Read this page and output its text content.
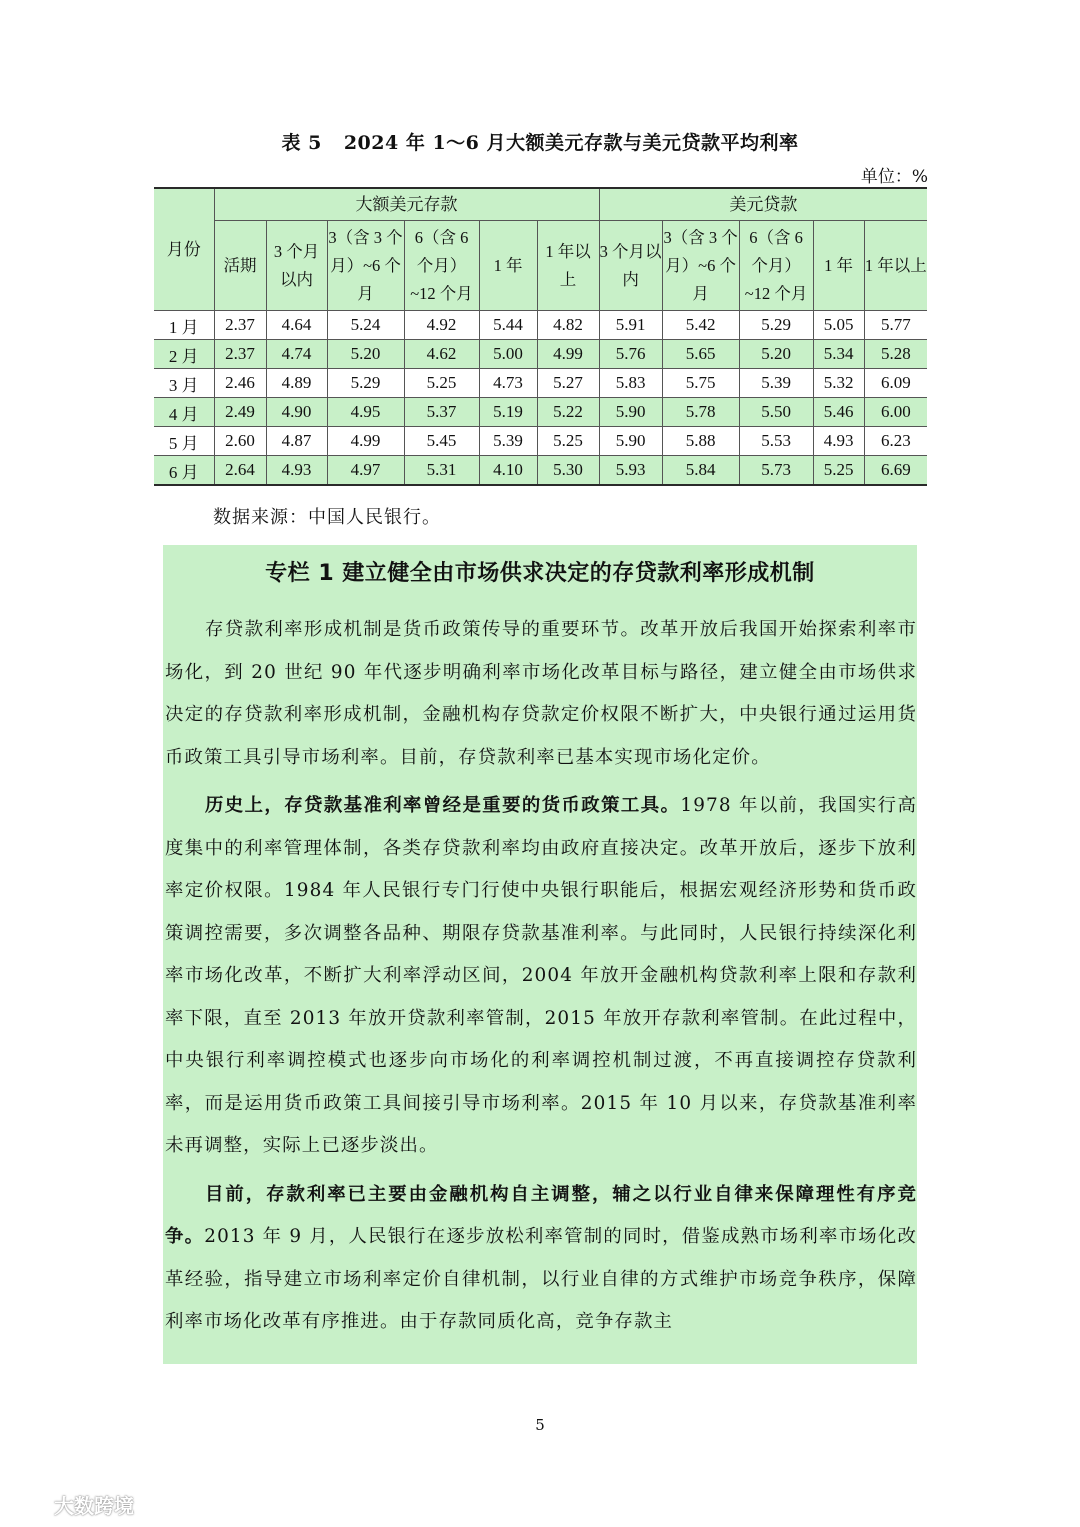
表 5 2024 年 1～6 月大额美元存款与美元贷款平均利率
单位：%
月份	大额美元存款						美元贷款				
	活期	3 个月以内	3（含 3 个月）~6 个月	6（含 6 个月）~12 个月	1 年	1 年以上	3 个月以内	3（含 3 个月）~6 个月	6（含 6 个月）~12 个月	1 年	1 年以上
1 月	2.37	4.64	5.24	4.92	5.44	4.82	5.91	5.42	5.29	5.05	5.77
2 月	2.37	4.74	5.20	4.62	5.00	4.99	5.76	5.65	5.20	5.34	5.28
3 月	2.46	4.89	5.29	5.25	4.73	5.27	5.83	5.75	5.39	5.32	6.09
4 月	2.49	4.90	4.95	5.37	5.19	5.22	5.90	5.78	5.50	5.46	6.00
5 月	2.60	4.87	4.99	5.45	5.39	5.25	5.90	5.88	5.53	4.93	6.23
6 月	2.64	4.93	4.97	5.31	4.10	5.30	5.93	5.84	5.73	5.25	6.69
数据来源：中国人民银行。
专栏 1 建立健全由市场供求决定的存贷款利率形成机制

存贷款利率形成机制是货币政策传导的重要环节。改革开放后我国开始探索利率市场化，到 20 世纪 90 年代逐步明确利率市场化改革目标与路径，建立健全由市场供求决定的存贷款利率形成机制，金融机构存贷款定价权限不断扩大，中央银行通过运用货币政策工具引导市场利率。目前，存贷款利率已基本实现市场化定价。

历史上，存贷款基准利率曾经是重要的货币政策工具。1978 年以前，我国实行高度集中的利率管理体制，各类存贷款利率均由政府直接决定。改革开放后，逐步下放利率定价权限。1984 年人民银行专门行使中央银行职能后，根据宏观经济形势和货币政策调控需要，多次调整各品种、期限存贷款基准利率。与此同时，人民银行持续深化利率市场化改革，不断扩大利率浮动区间，2004 年放开金融机构贷款利率上限和存款利率下限，直至 2013 年放开贷款利率管制，2015 年放开存款利率管制。在此过程中，中央银行利率调控模式也逐步向市场化的利率调控机制过渡，不再直接调控存贷款利率，而是运用货币政策工具间接引导市场利率。2015 年 10 月以来，存贷款基准利率未再调整，实际上已逐步淡出。

目前，存款利率已主要由金融机构自主调整，辅之以行业自律来保障理性有序竞争。2013 年 9 月，人民银行在逐步放松利率管制的同时，借鉴成熟市场利率市场化改革经验，指导建立市场利率定价自律机制，以行业自律的方式维护市场竞争秩序，保障利率市场化改革有序推进。由于存款同质化高，竞争存款主

5
大数跨境
